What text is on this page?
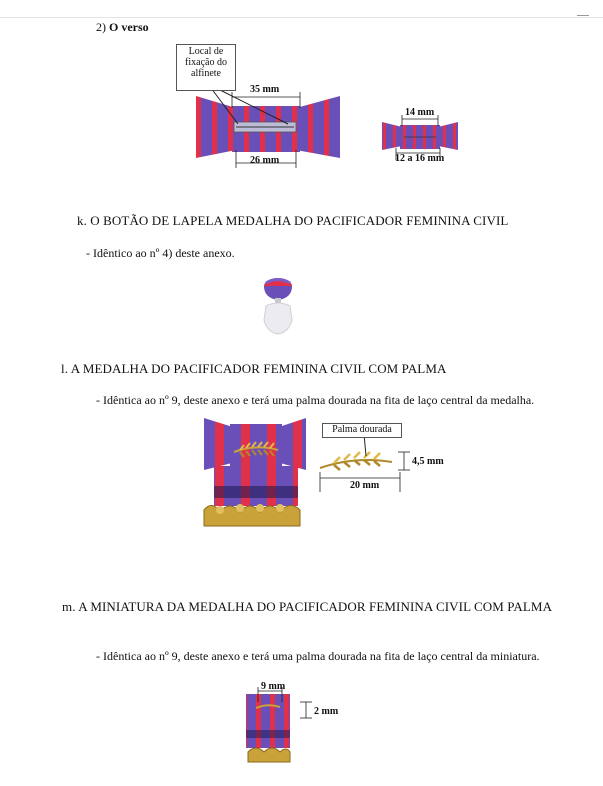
2) O verso
Local de
fixação do
alfinete
35 mm
26 mm
14 mm
12 a 16 mm
k. O BOTÃO DE LAPELA MEDALHA DO PACIFICADOR FEMININA CIVIL
- Idêntico ao nº 4) deste anexo.
l. A MEDALHA DO PACIFICADOR FEMININA CIVIL COM PALMA
- Idêntica ao nº 9, deste anexo e terá uma palma dourada na fita de laço central da medalha.
Palma dourada
4,5 mm
20 mm
m. A MINIATURA DA MEDALHA DO PACIFICADOR FEMININA CIVIL COM PALMA
- Idêntica ao nº 9, deste anexo e terá uma palma dourada na fita de laço central da miniatura.
9 mm
2 mm
